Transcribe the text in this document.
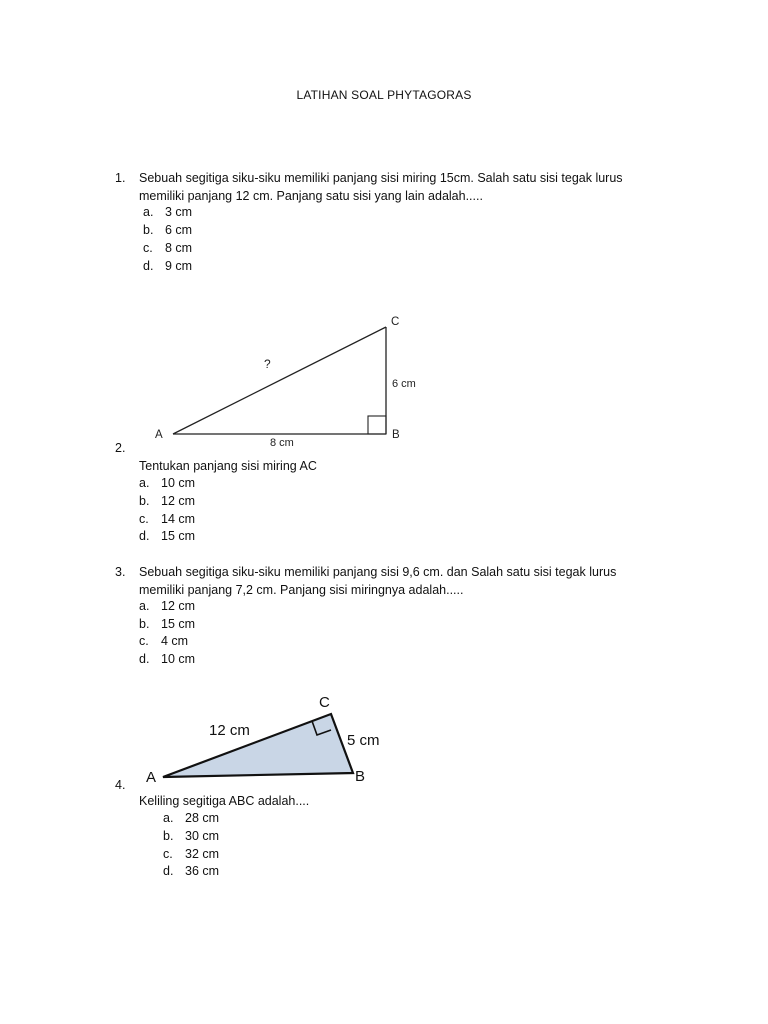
LATIHAN SOAL PHYTAGORAS
1. Sebuah segitiga siku-siku memiliki panjang sisi miring 15cm. Salah satu sisi tegak lurus
memiliki panjang 12 cm. Panjang satu sisi yang lain adalah.....
a. 3 cm
b. 6 cm
c. 8 cm
d. 9 cm
C
A	B
?
6 cm
8 cm
2.
Tentukan panjang sisi miring AC
a. 10 cm
b. 12 cm
c. 14 cm
d. 15 cm
3. Sebuah segitiga siku-siku memiliki panjang sisi 9,6 cm. dan Salah satu sisi tegak lurus
memiliki panjang 7,2 cm. Panjang sisi miringnya adalah.....
a. 12 cm
b. 15 cm
c. 4 cm
d. 10 cm
C
A	B
12 cm
5 cm
4.
Keliling segitiga ABC adalah....
a. 28 cm
b. 30 cm
c. 32 cm
d. 36 cm
